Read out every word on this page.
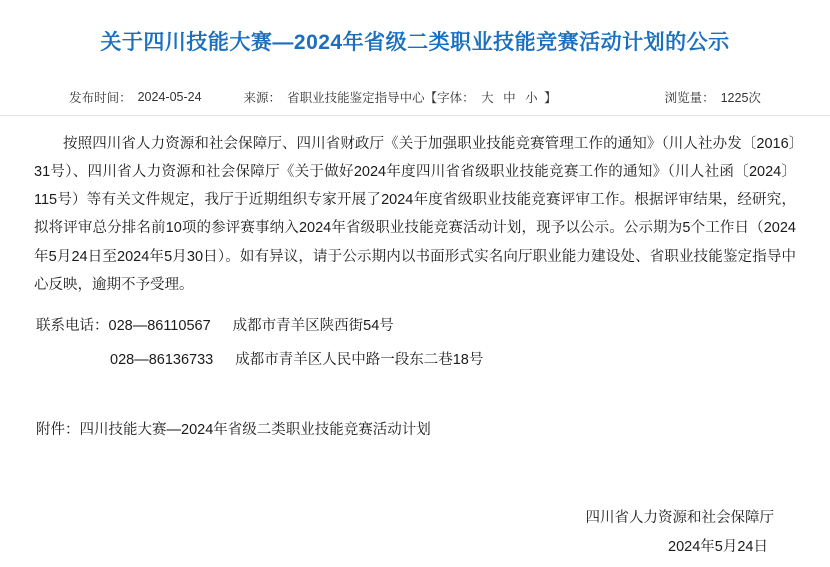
关于四川技能大赛—2024年省级二类职业技能竞赛活动计划的公示
发布时间： 2024-05-24	来源： 省职业技能鉴定指导中心 【字体： 大 中 小 】	浏览量： 1225次

按照四川省人力资源和社会保障厅、四川省财政厅《关于加强职业技能竞赛管理工作的通知》（川人社办发〔2016〕31号）、四川省人力资源和社会保障厅《关于做好2024年度四川省省级职业技能竞赛工作的通知》（川人社函〔2024〕115号）等有关文件规定，我厅于近期组织专家开展了2024年度省级职业技能竞赛评审工作。根据评审结果，经研究，拟将评审总分排名前10项的参评赛事纳入2024年省级职业技能竞赛活动计划，现予以公示。公示期为5个工作日（2024年5月24日至2024年5月30日）。如有异议，请于公示期内以书面形式实名向厅职业能力建设处、省职业技能鉴定指导中心反映，逾期不予受理。

联系电话：028—86110567 成都市青羊区陕西街54号

028—86136733 成都市青羊区人民中路一段东二巷18号

附件：四川技能大赛—2024年省级二类职业技能竞赛活动计划

四川省人力资源和社会保障厅

2024年5月24日
